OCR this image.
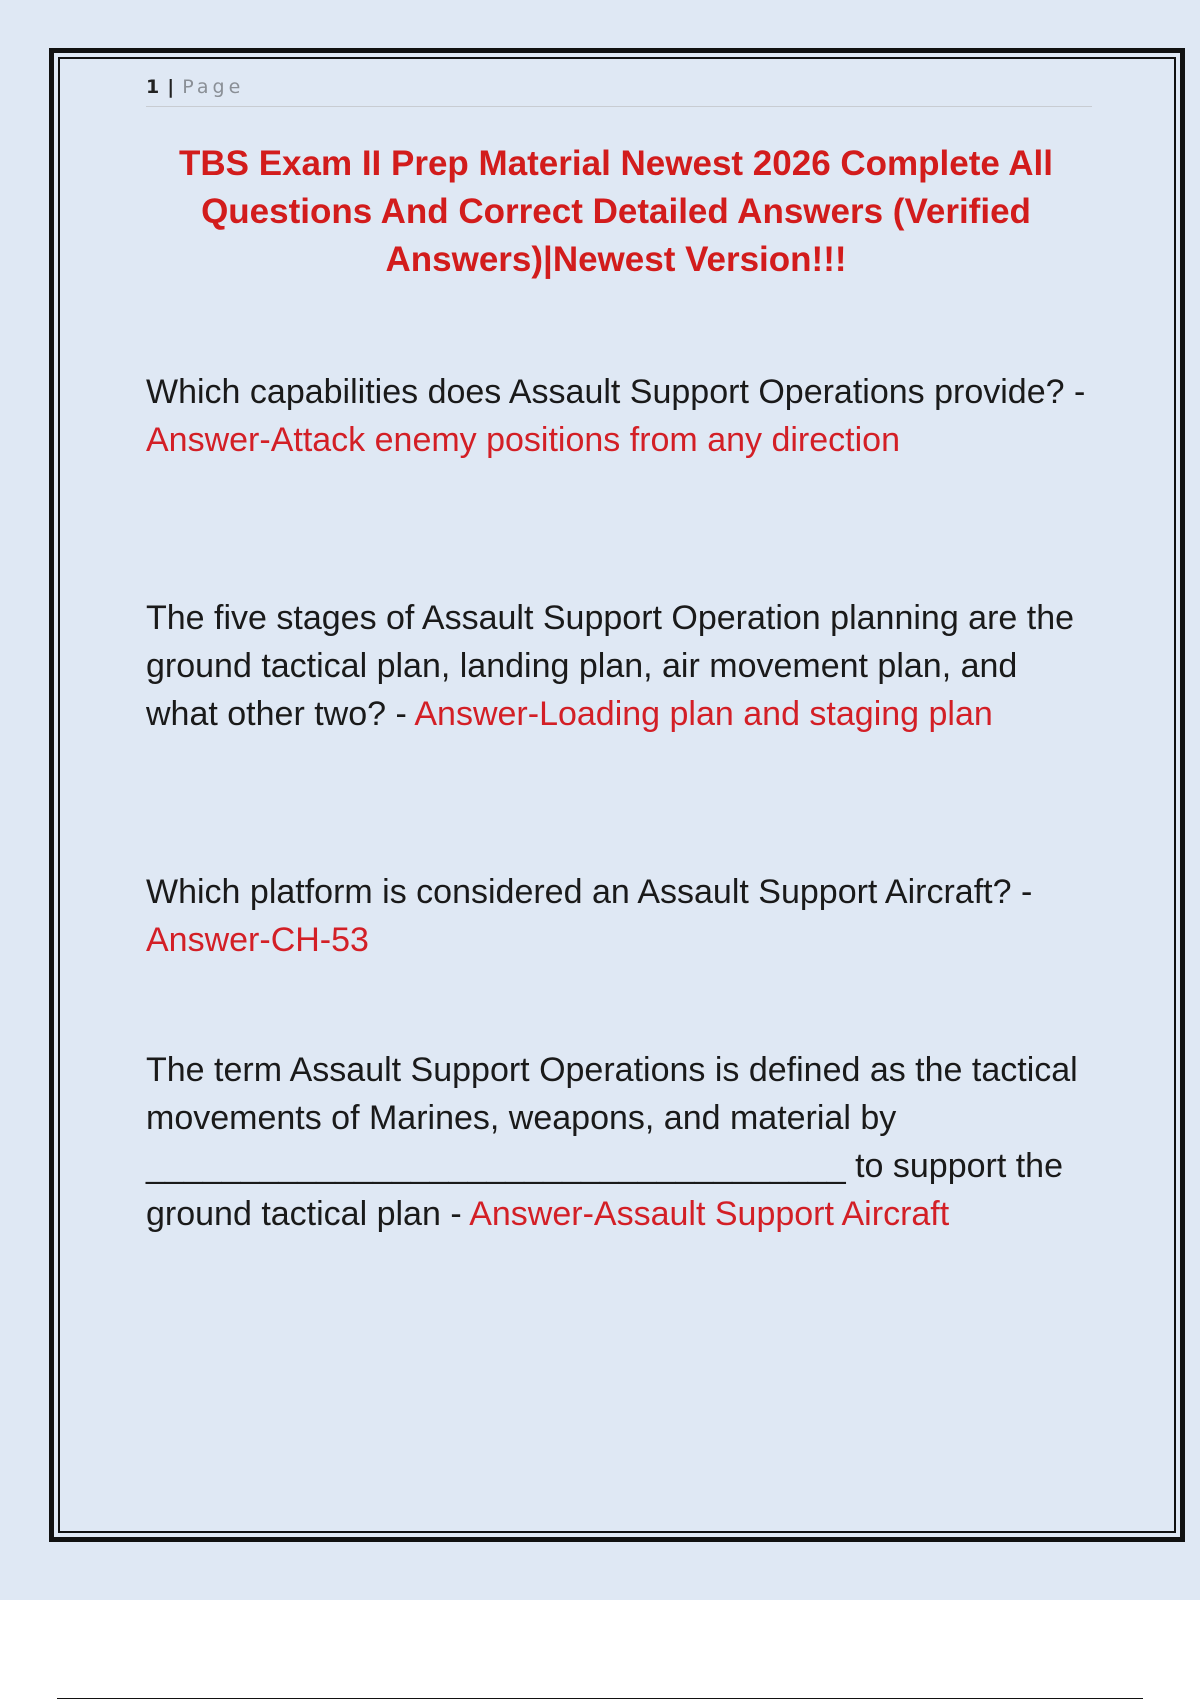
1 | Page
TBS Exam II Prep Material Newest 2026 Complete All Questions And Correct Detailed Answers (Verified Answers)|Newest Version!!!

Which capabilities does Assault Support Operations provide? - Answer-Attack enemy positions from any direction

The five stages of Assault Support Operation planning are the ground tactical plan, landing plan, air movement plan, and what other two? - Answer-Loading plan and staging plan

Which platform is considered an Assault Support Aircraft? - Answer-CH-53

The term Assault Support Operations is defined as the tactical movements of Marines, weapons, and material by _____________________________________ to support the ground tactical plan - Answer-Assault Support Aircraft
